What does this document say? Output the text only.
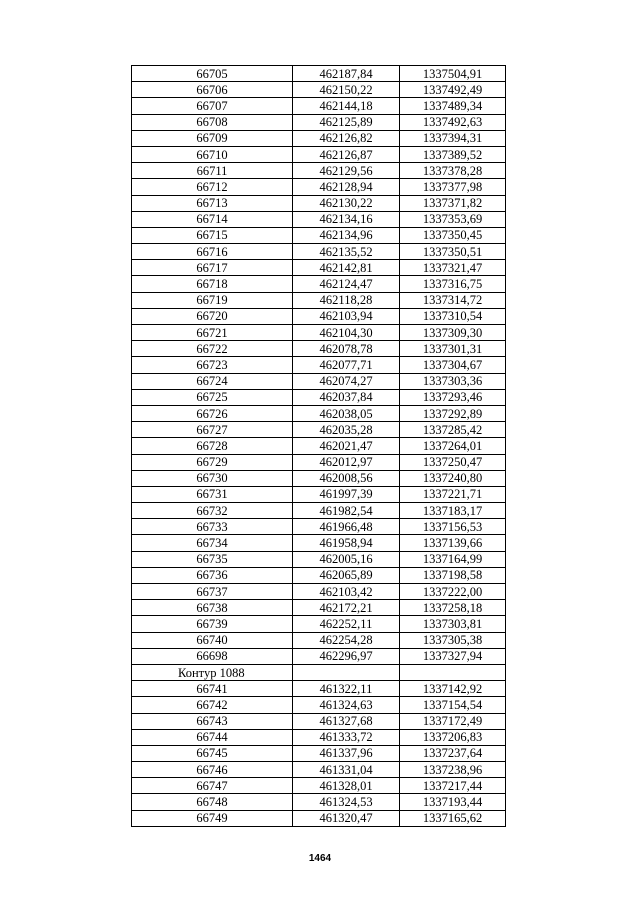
66705	462187,84	1337504,91
66706	462150,22	1337492,49
66707	462144,18	1337489,34
66708	462125,89	1337492,63
66709	462126,82	1337394,31
66710	462126,87	1337389,52
66711	462129,56	1337378,28
66712	462128,94	1337377,98
66713	462130,22	1337371,82
66714	462134,16	1337353,69
66715	462134,96	1337350,45
66716	462135,52	1337350,51
66717	462142,81	1337321,47
66718	462124,47	1337316,75
66719	462118,28	1337314,72
66720	462103,94	1337310,54
66721	462104,30	1337309,30
66722	462078,78	1337301,31
66723	462077,71	1337304,67
66724	462074,27	1337303,36
66725	462037,84	1337293,46
66726	462038,05	1337292,89
66727	462035,28	1337285,42
66728	462021,47	1337264,01
66729	462012,97	1337250,47
66730	462008,56	1337240,80
66731	461997,39	1337221,71
66732	461982,54	1337183,17
66733	461966,48	1337156,53
66734	461958,94	1337139,66
66735	462005,16	1337164,99
66736	462065,89	1337198,58
66737	462103,42	1337222,00
66738	462172,21	1337258,18
66739	462252,11	1337303,81
66740	462254,28	1337305,38
66698	462296,97	1337327,94
Контур 1088		
66741	461322,11	1337142,92
66742	461324,63	1337154,54
66743	461327,68	1337172,49
66744	461333,72	1337206,83
66745	461337,96	1337237,64
66746	461331,04	1337238,96
66747	461328,01	1337217,44
66748	461324,53	1337193,44
66749	461320,47	1337165,62
1464
